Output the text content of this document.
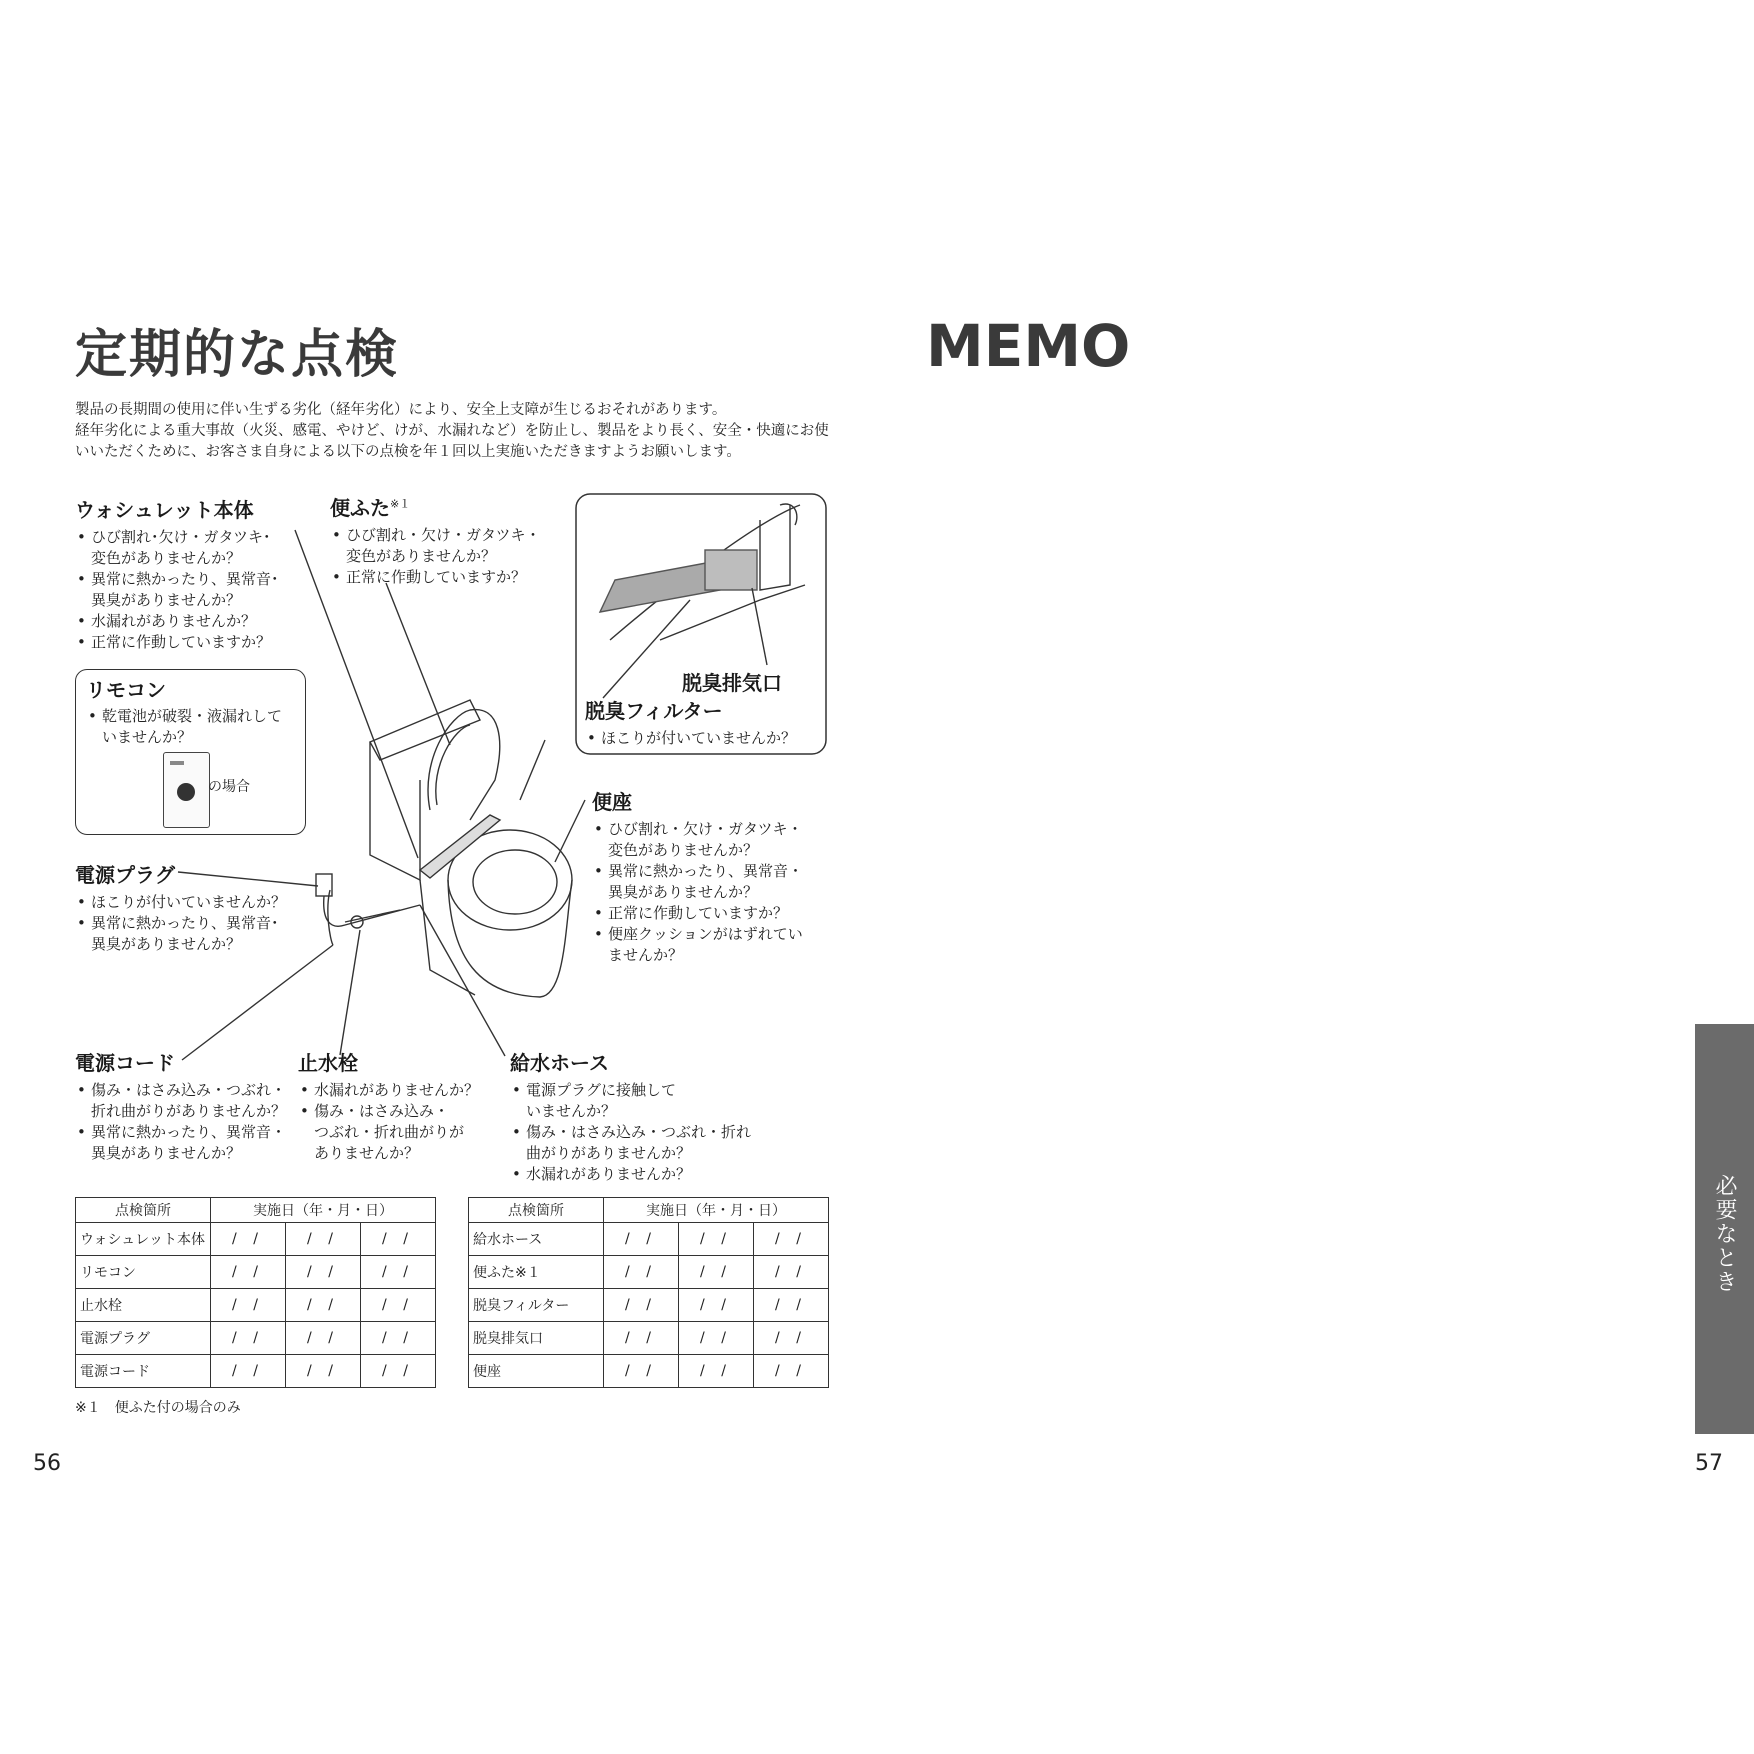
定期的な点検	MEMO
製品の長期間の使用に伴い生ずる劣化（経年劣化）により、安全上支障が生じるおそれがあります。
経年劣化による重大事故（火災、感電、やけど、けが、水漏れなど）を防止し、製品をより長く、安全・快適にお使
いいただくために、お客さま自身による以下の点検を年１回以上実施いただきますようお願いします。
ウォシュレット本体
• ひび割れ･欠け・ガタツキ･
変色がありませんか？
• 異常に熱かったり、異常音･
異臭がありませんか？
• 水漏れがありませんか？
• 正常に作動していますか？
便ふた$^{※1}$
• ひび割れ・欠け・ガタツキ・
変色がありませんか？
• 正常に作動していますか？
リモコン
• 乾電池が破裂・液漏れして
いませんか？
の場合
脱臭排気口
脱臭フィルター
• ほこりが付いていませんか？
便座
• ひび割れ・欠け・ガタツキ・
変色がありませんか？
• 異常に熱かったり、異常音・
異臭がありませんか？
• 正常に作動していますか？
• 便座クッションがはずれてい
ませんか？
電源プラグ
• ほこりが付いていませんか？
• 異常に熱かったり、異常音･
異臭がありませんか？
電源コード
• 傷み・はさみ込み・つぶれ・
折れ曲がりがありませんか？
• 異常に熱かったり、異常音・
異臭がありませんか？
止水栓
• 水漏れがありませんか？
• 傷み・はさみ込み・
つぶれ・折れ曲がりが
ありませんか？
給水ホース
• 電源プラグに接触して
いませんか？
• 傷み・はさみ込み・つぶれ・折れ
曲がりがありませんか？
• 水漏れがありませんか？
点検箇所	実施日（年・月・日）		
ウォシュレット本体	/ /	/ /	/ /
リモコン	/ /	/ /	/ /
止水栓	/ /	/ /	/ /
電源プラグ	/ /	/ /	/ /
電源コード	/ /	/ /	/ /
点検箇所	実施日（年・月・日）		
給水ホース	/ /	/ /	/ /
便ふた※１	/ /	/ /	/ /
脱臭フィルター	/ /	/ /	/ /
脱臭排気口	/ /	/ /	/ /
便座	/ /	/ /	/ /
※１　便ふた付の場合のみ
56	57
必要なとき
